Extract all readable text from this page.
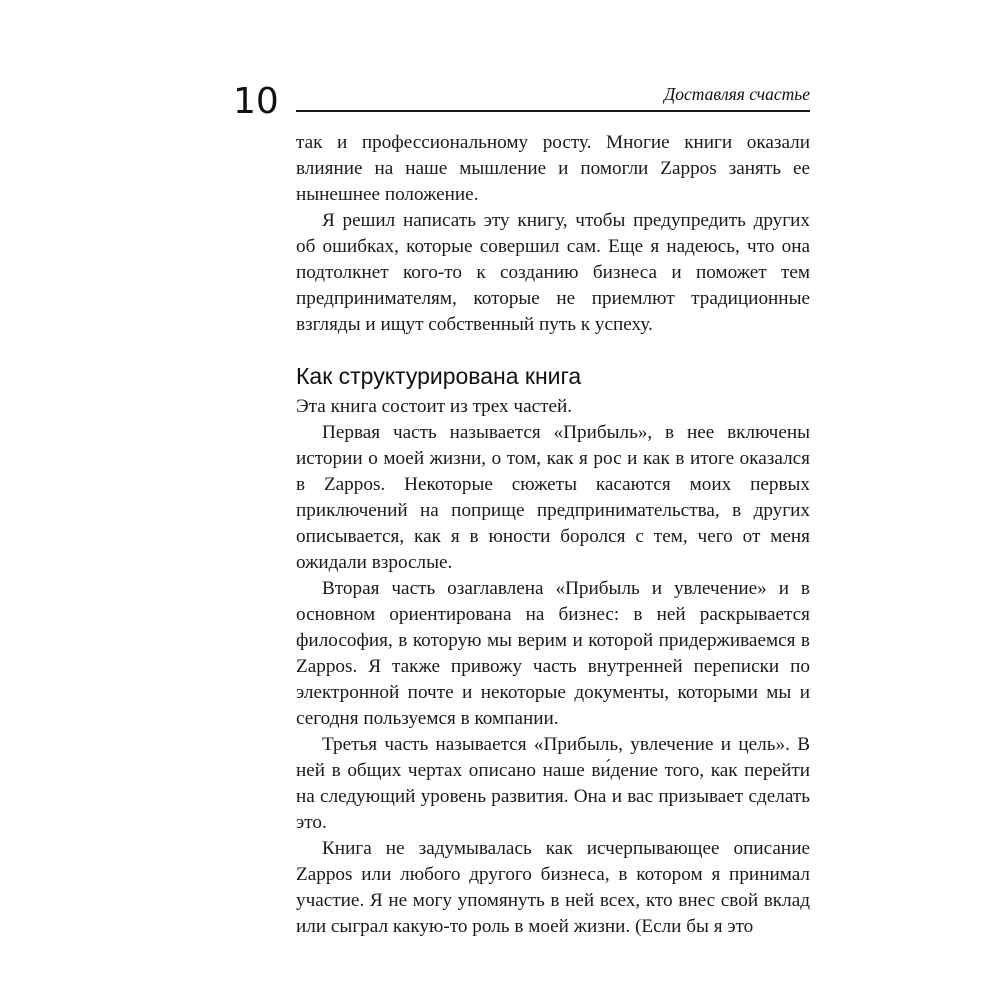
10	Доставляя счастье

так и профессиональному росту. Многие книги оказали влияние на наше мышление и помогли Zappos занять ее нынешнее положение.

Я решил написать эту книгу, чтобы предупредить других об ошибках, которые совершил сам. Еще я надеюсь, что она подтолкнет кого-то к созданию бизнеса и поможет тем предпринимателям, которые не приемлют традиционные взгляды и ищут собственный путь к успеху.

Как структурирована книга

Эта книга состоит из трех частей.

Первая часть называется «Прибыль», в нее включены истории о моей жизни, о том, как я рос и как в итоге оказался в Zappos. Некоторые сюжеты касаются моих первых приключений на поприще предпринимательства, в других описывается, как я в юности боролся с тем, чего от меня ожидали взрослые.

Вторая часть озаглавлена «Прибыль и увлечение» и в основном ориентирована на бизнес: в ней раскрывается философия, в которую мы верим и которой придерживаемся в Zappos. Я также привожу часть внутренней переписки по электронной почте и некоторые документы, которыми мы и сегодня пользуемся в компании.

Третья часть называется «Прибыль, увлечение и цель». В ней в общих чертах описано наше ви́дение того, как перейти на следующий уровень развития. Она и вас призывает сделать это.

Книга не задумывалась как исчерпывающее описание Zappos или любого другого бизнеса, в котором я принимал участие. Я не могу упомянуть в ней всех, кто внес свой вклад или сыграл какую-то роль в моей жизни. (Если бы я это
